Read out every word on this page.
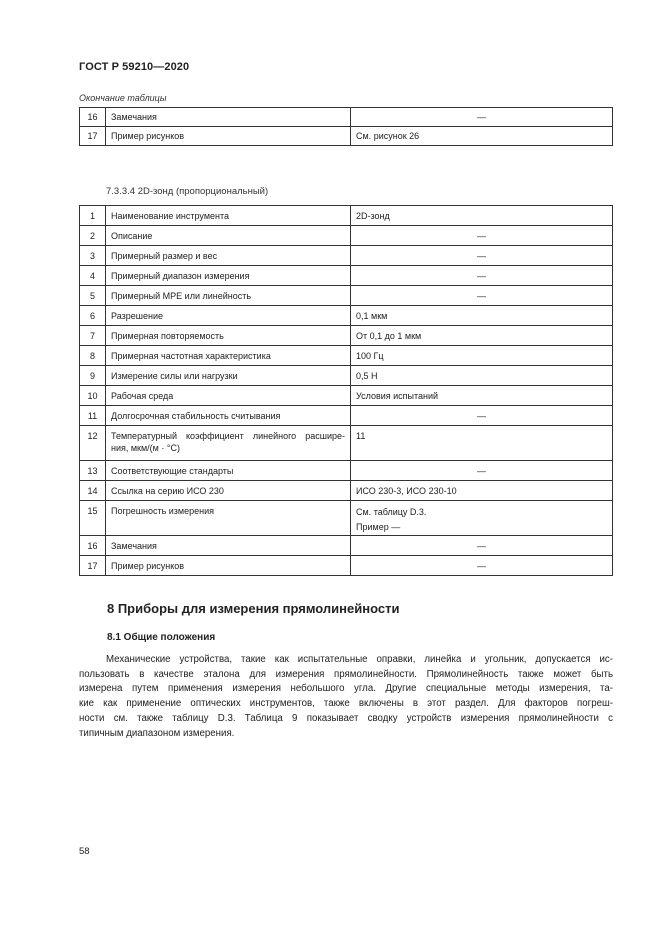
ГОСТ Р 59210—2020
Окончание таблицы
16	Замечания	—
17	Пример рисунков	См. рисунок 26
7.3.3.4 2D-зонд (пропорциональный)
1	Наименование инструмента	2D-зонд
2	Описание	—
3	Примерный размер и вес	—
4	Примерный диапазон измерения	—
5	Примерный MPE или линейность	—
6	Разрешение	0,1 мкм
7	Примерная повторяемость	От 0,1 до 1 мкм
8	Примерная частотная характеристика	100 Гц
9	Измерение силы или нагрузки	0,5 Н
10	Рабочая среда	Условия испытаний
11	Долгосрочная стабильность считывания	—
12	Температурный коэффициент линейного расшире-
ния, мкм/(м · °С)	11
13	Соответствующие стандарты	—
14	Ссылка на серию ИСО 230	ИСО 230-3, ИСО 230-10
15	Погрешность измерения	См. таблицу D.3.
Пример —

16	Замечания	—
17	Пример рисунков	—
8 Приборы для измерения прямолинейности
8.1 Общие положения
Механические устройства, такие как испытательные оправки, линейка и угольник, допускается ис-
пользовать в качестве эталона для измерения прямолинейности. Прямолинейность также может быть
измерена путем применения измерения небольшого угла. Другие специальные методы измерения, та-
кие как применение оптических инструментов, также включены в этот раздел. Для факторов погреш-
ности см. также таблицу D.3. Таблица 9 показывает сводку устройств измерения прямолинейности с
типичным диапазоном измерения.
58
